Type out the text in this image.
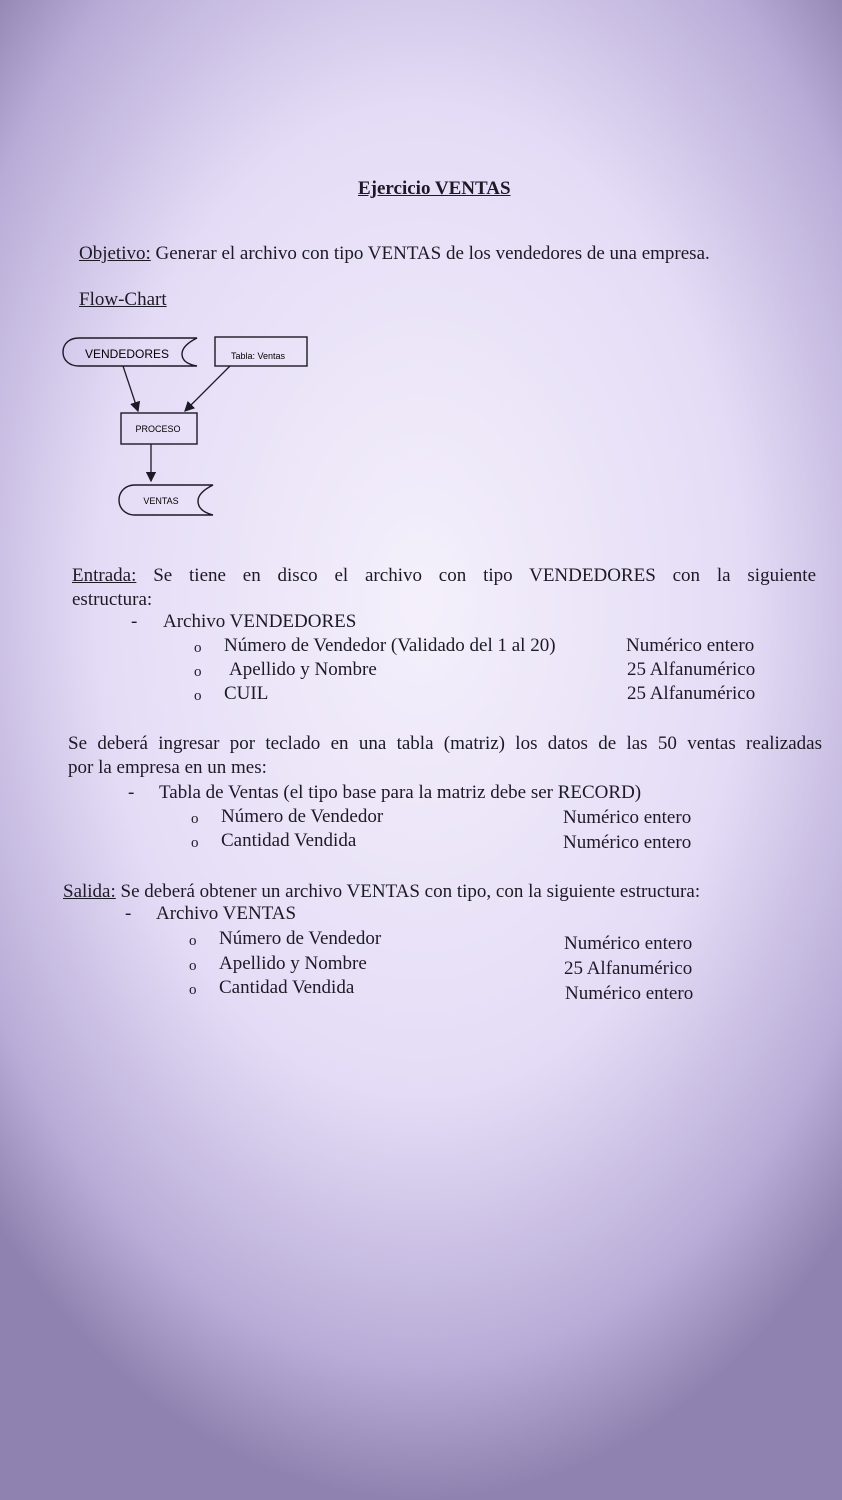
Ejercicio VENTAS
Objetivo: Generar el archivo con tipo VENTAS de los vendedores de una empresa.
Flow-Chart
VENDEDORES	Tabla: Ventas
PROCESO
VENTAS
Entrada: Se tiene en disco el archivo con tipo VENDEDORES con la siguiente
estructura:
- Archivo VENDEDORES
o Número de Vendedor (Validado del 1 al 20)	Numérico entero
o Apellido y Nombre	25 Alfanumérico
o CUIL	25 Alfanumérico
Se deberá ingresar por teclado en una tabla (matriz) los datos de las 50 ventas realizadas
por la empresa en un mes:
- Tabla de Ventas (el tipo base para la matriz debe ser RECORD)
o Número de Vendedor	Numérico entero
o Cantidad Vendida	Numérico entero
Salida: Se deberá obtener un archivo VENTAS con tipo, con la siguiente estructura:
- Archivo VENTAS
o Número de Vendedor	Numérico entero
o Apellido y Nombre	25 Alfanumérico
o Cantidad Vendida	Numérico entero
